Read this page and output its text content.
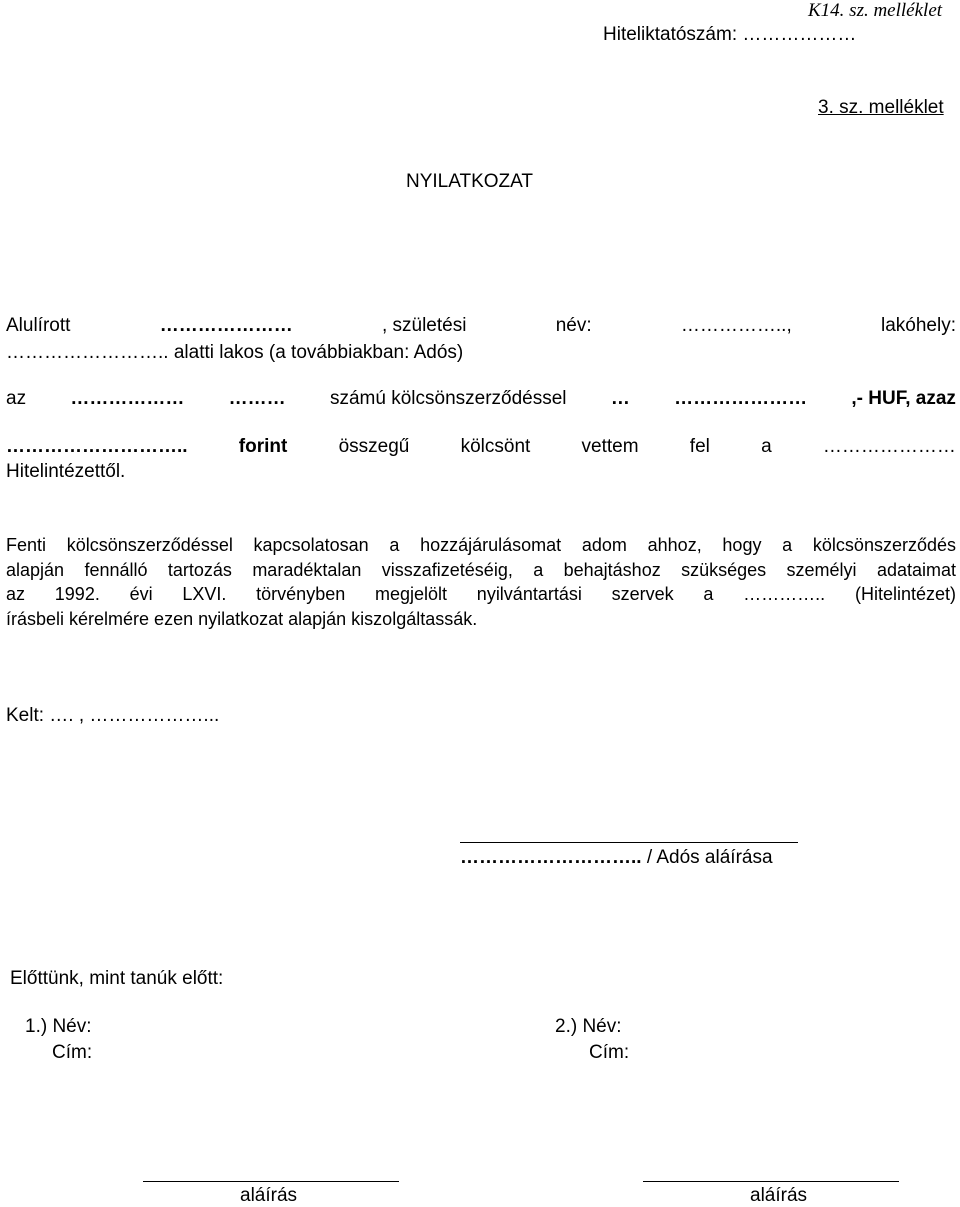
K14. sz. melléklet
Hiteliktatószám: ………………
3. sz. melléklet
NYILATKOZAT
Alulírott	…………………	, születési	név:	……………..,	lakóhely:
…………………….. alatti lakos (a továbbiakban: Adós)
az ……………… ……… számú kölcsönszerződéssel … ………………… ,- HUF, azaz
………………………..	forint	összegű	kölcsönt	vettem	fel	a	…………………
Hitelintézettől.
Fenti kölcsönszerződéssel kapcsolatosan a hozzájárulásomat adom ahhoz, hogy a kölcsönszerződés
alapján fennálló tartozás maradéktalan visszafizetéséig, a behajtáshoz szükséges személyi adataimat
az 1992. évi LXVI. törvényben megjelölt nyilvántartási szervek a ………….. (Hitelintézet)
írásbeli kérelmére ezen nyilatkozat alapján kiszolgáltassák.
Kelt: …. , ………………...
……………………….. / Adós aláírása
Előttünk, mint tanúk előtt:
1.) Név:
Cím:
2.) Név:
Cím:
aláírás	aláírás
